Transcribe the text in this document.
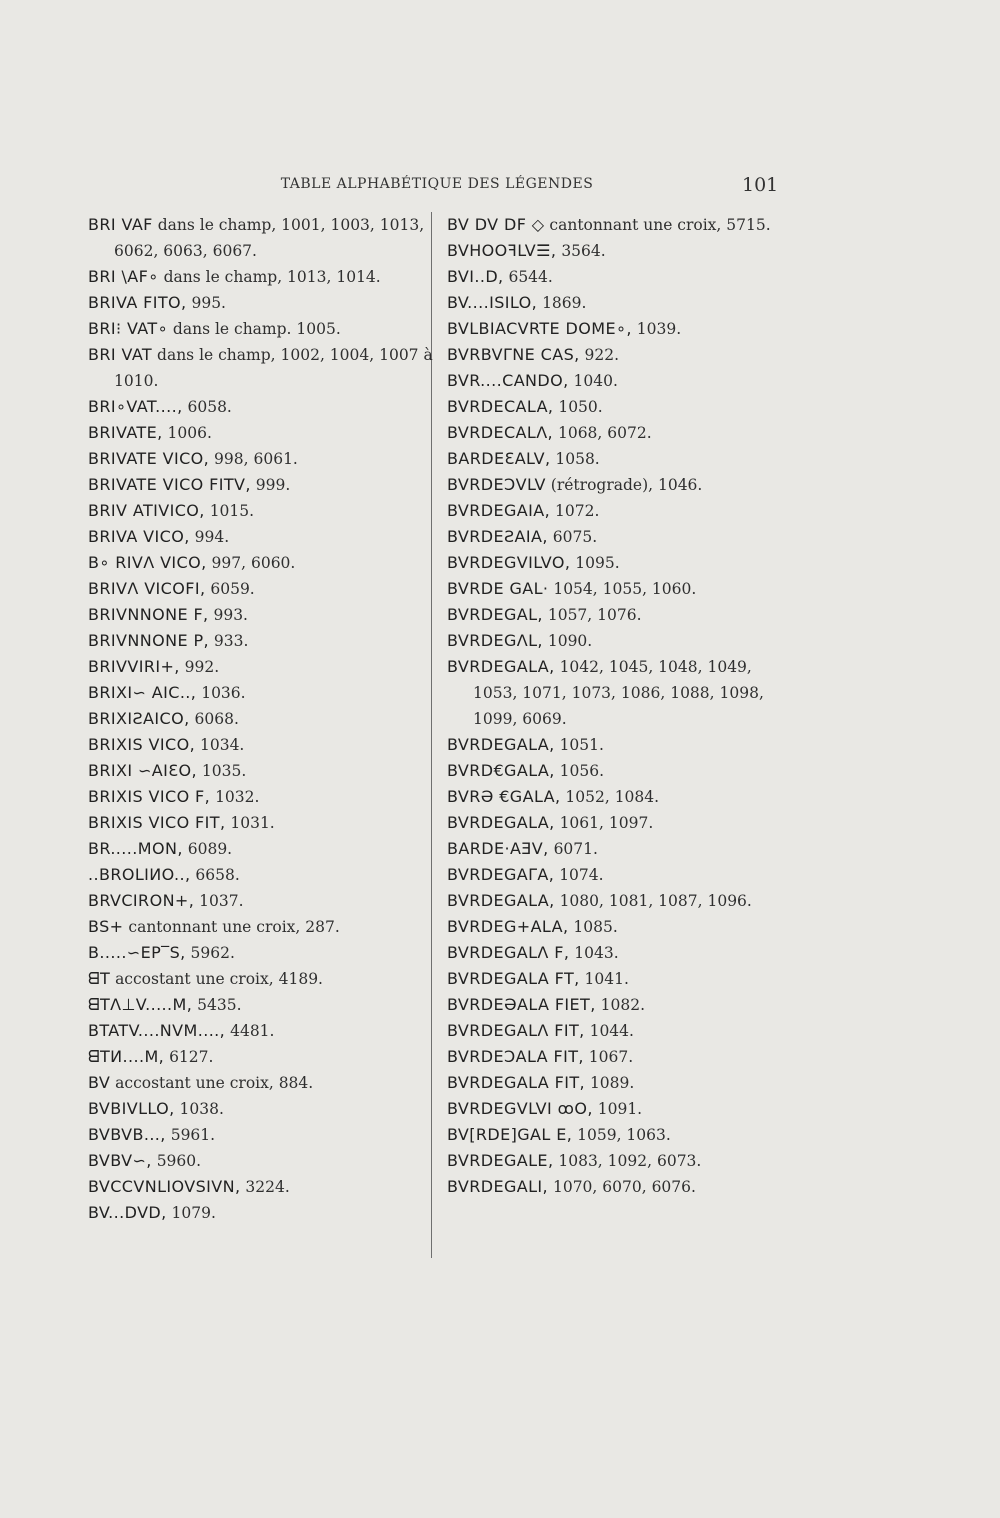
TABLE ALPHABÉTIQUE DES LÉGENDES	101
BRI VAF dans le champ, 1001, 1003, 1013, 6062, 6063, 6067.
BRI \AF∘ dans le champ, 1013, 1014.
BRIVA FITO, 995.
BRI⁝ VAT∘ dans le champ. 1005.
BRI VAT dans le champ, 1002, 1004, 1007 à 1010.
BRI∘VAT...., 6058.
BRIVATE, 1006.
BRIVATE VICO, 998, 6061.
BRIVATE VICO FITV, 999.
BRIV ATIVICO, 1015.
BRIVA VICO, 994.
B∘ RIVΛ VICO, 997, 6060.
BRIVΛ VICOFI, 6059.
BRIVNNONE F, 993.
BRIVNNONE P, 933.
BRIVVIRI+, 992.
BRIXI∽ AIC.., 1036.
BRIXIƧAICO, 6068.
BRIXIS VICO, 1034.
BRIXI ∽AIƐO, 1035.
BRIXIS VICO F, 1032.
BRIXIS VICO FIT, 1031.
BR.....MON, 6089.
..BROLIИO.., 6658.
BRVCIRON+, 1037.
BS+ cantonnant une croix, 287.
B.....∽EP‾S, 5962.
ᗺT accostant une croix, 4189.
ᗺTΛ⊥V.....M, 5435.
BTATV....NVM...., 4481.
ᗺTИ....M, 6127.
BV accostant une croix, 884.
BVBIVLLO, 1038.
BVBVB..., 5961.
BVBV∽, 5960.
BVCCVNLIOVSIVN, 3224.
BV...DVD, 1079.
BV DV DF ◇ cantonnant une croix, 5715.
BVHOOꟻLV☰, 3564.
BVI..D, 6544.
BV....ISILO, 1869.
BVLBIACVRTE DOME∘, 1039.
BVRBVΓNE CAS, 922.
BVR....CANDO, 1040.
BVRDECALA, 1050.
BVRDECALΛ, 1068, 6072.
BARDEƐALV, 1058.
BVRDEƆVLV (rétrograde), 1046.
BVRDEGAIA, 1072.
BVRDEƧAIA, 6075.
BVRDEGVILVO, 1095.
BVRDE GAL· 1054, 1055, 1060.
BVRDEGAL, 1057, 1076.
BVRDEGΛL, 1090.
BVRDEGALA, 1042, 1045, 1048, 1049, 1053, 1071, 1073, 1086, 1088, 1098, 1099, 6069.
BVRDEGALA, 1051.
BVRD€GALA, 1056.
BVRƏ €GALA, 1052, 1084.
BVRDEGALA, 1061, 1097.
BARDE·AƎV, 6071.
BVRDEGAΓA, 1074.
BVRDEGALA, 1080, 1081, 1087, 1096.
BVRDEG+ALA, 1085.
BVRDEGALΛ F, 1043.
BVRDEGALA FT, 1041.
BVRDEƏALA FIET, 1082.
BVRDEGALΛ FIT, 1044.
BVRDEƆALA FIT, 1067.
BVRDEGALA FIT, 1089.
BVRDEGVLVI ꝏO, 1091.
BV[RDE]GAL E, 1059, 1063.
BVRDEGALE, 1083, 1092, 6073.
BVRDEGALI, 1070, 6070, 6076.
